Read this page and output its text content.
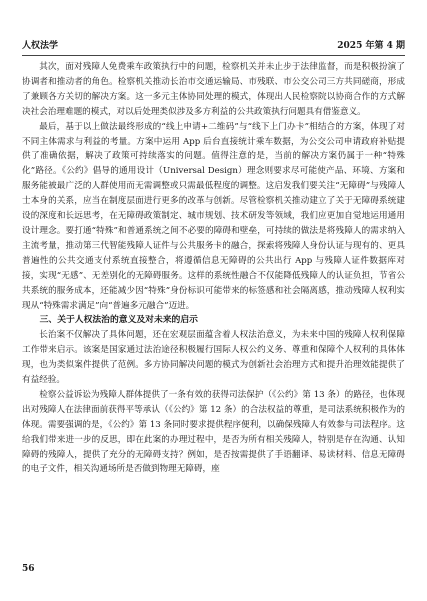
人权法学	2025 年第 4 期

其次，面对残障人免费乘车政策执行中的问题，检察机关并未止步于法律监督，而是积极扮演了协调者和推动者的角色。检察机关推动长治市交通运输局、市残联、市公交公司三方共同磋商，形成了兼顾各方关切的解决方案。这一多元主体协同处理的模式，体现出人民检察院以协商合作的方式解决社会治理难题的模式，对以后处理类似涉及多方利益的公共政策执行问题具有借鉴意义。

最后，基于以上做法最终形成的“线上申请+二维码”与“线下上门办卡”相结合的方案，体现了对不同主体需求与利益的考量。方案中运用 App 后台直接统计乘车数据，为公交公司申请政府补贴提供了准确依据，解决了政策可持续落实的问题。值得注意的是，当前的解决方案仍属于一种“特殊化”路径。《公约》倡导的通用设计（Universal Design）理念则要求尽可能使产品、环境、方案和服务能被最广泛的人群使用而无需调整或只需最低程度的调整。这启发我们要关注“无障碍”与残障人士本身的关系，应当在制度层面进行更多的改革与创新。尽管检察机关推动建立了关于无障碍系统建设的深度和长远思考，在无障碍政策制定、城市规划、技术研发等领域，我们应更加自觉地运用通用设计理念。要打通“特殊”和普通系统之间不必要的障碍和壁垒，可持续的做法是将残障人的需求纳入主流考量，推动第三代智能残障人证件与公共服务卡的融合，探索将残障人身份认证与现有的、更具普遍性的公共交通支付系统直接整合，将遵循信息无障碍的公共出行 App 与残障人证件数据库对接，实现“无感”、无差别化的无障碍服务。这样的系统性融合不仅能降低残障人的认证负担，节省公共系统的服务成本，还能减少因“特殊”身份标识可能带来的标签感和社会隔离感，推动残障人权利实现从“特殊需求满足”向“普遍多元融合”迈进。

三、关于人权法治的意义及对未来的启示

长治案不仅解决了具体问题，还在宏观层面蕴含着人权法治意义，为未来中国的残障人权利保障工作带来启示。该案是国家通过法治途径积极履行国际人权公约义务、尊重和保障个人权利的具体体现，也为类似案件提供了范例。多方协同解决问题的模式为创新社会治理方式和提升治理效能提供了有益经验。

检察公益诉讼为残障人群体提供了一条有效的获得司法保护（《公约》第 13 条）的路径，也体现出对残障人在法律面前获得平等承认（《公约》第 12 条）的合法权益的尊重，是司法系统积极作为的体现。需要强调的是，《公约》第 13 条同时要求提供程序便利，以确保残障人有效参与司法程序。这给我们带来进一步的反思，即在此案的办理过程中，是否为所有相关残障人，特别是存在沟通、认知障碍的残障人，提供了充分的无障碍支持？例如，是否按需提供了手语翻译、易读材料、信息无障碍的电子文件，相关沟通场所是否做到物理无障碍，座

56
